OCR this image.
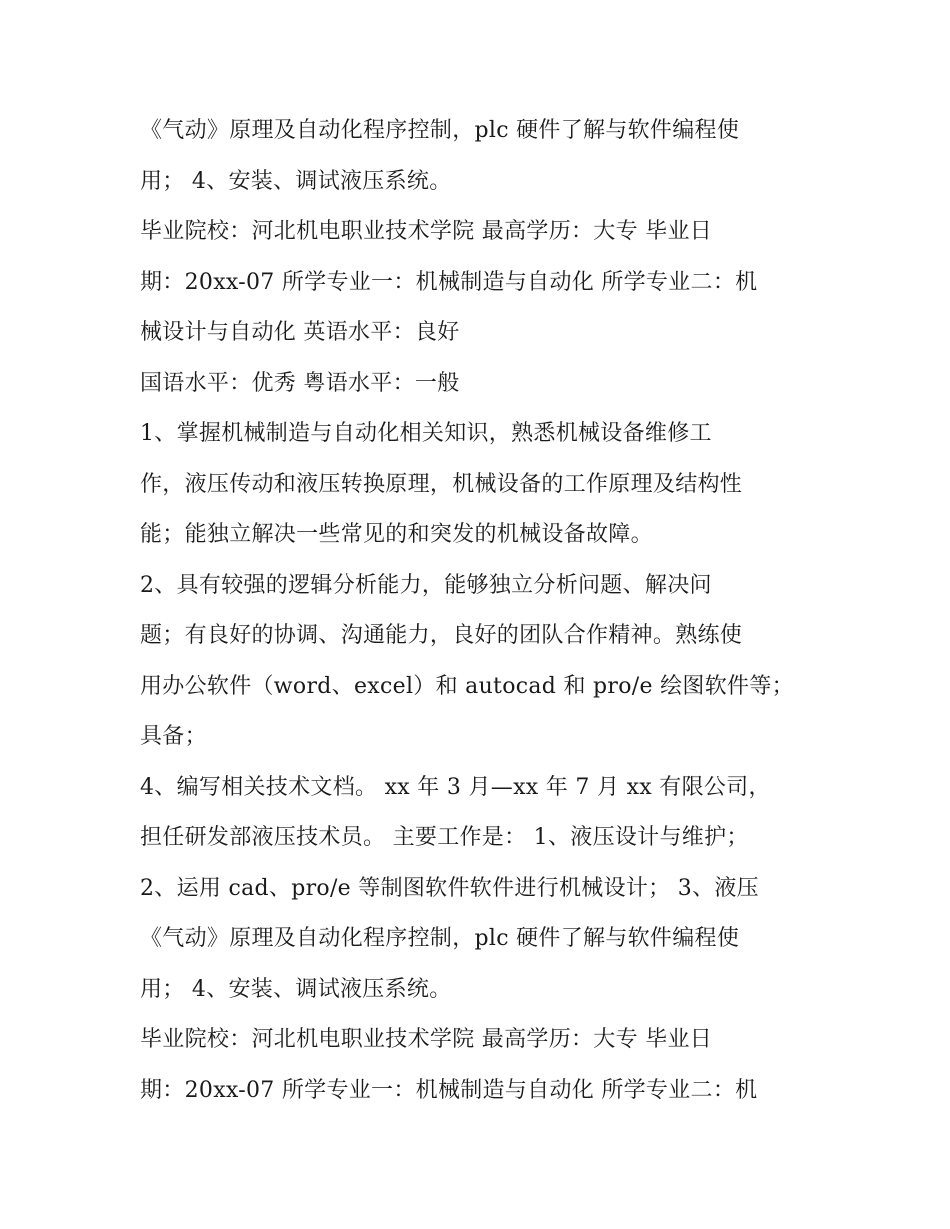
《气动》原理及自动化程序控制，plc 硬件了解与软件编程使
用； 4、安装、调试液压系统。
毕业院校：河北机电职业技术学院 最高学历：大专 毕业日
期：20xx-07 所学专业一：机械制造与自动化 所学专业二：机
械设计与自动化 英语水平：良好
国语水平：优秀 粤语水平：一般
1、掌握机械制造与自动化相关知识，熟悉机械设备维修工
作，液压传动和液压转换原理，机械设备的工作原理及结构性
能；能独立解决一些常见的和突发的机械设备故障。
2、具有较强的逻辑分析能力，能够独立分析问题、解决问
题；有良好的协调、沟通能力，良好的团队合作精神。熟练使
用办公软件（word、excel）和 autocad 和 pro/e 绘图软件等；
具备；
4、编写相关技术文档。 xx 年 3 月—xx 年 7 月 xx 有限公司，
担任研发部液压技术员。 主要工作是： 1、液压设计与维护；
2、运用 cad、pro/e 等制图软件软件进行机械设计； 3、液压
《气动》原理及自动化程序控制，plc 硬件了解与软件编程使
用； 4、安装、调试液压系统。
毕业院校：河北机电职业技术学院 最高学历：大专 毕业日
期：20xx-07 所学专业一：机械制造与自动化 所学专业二：机
